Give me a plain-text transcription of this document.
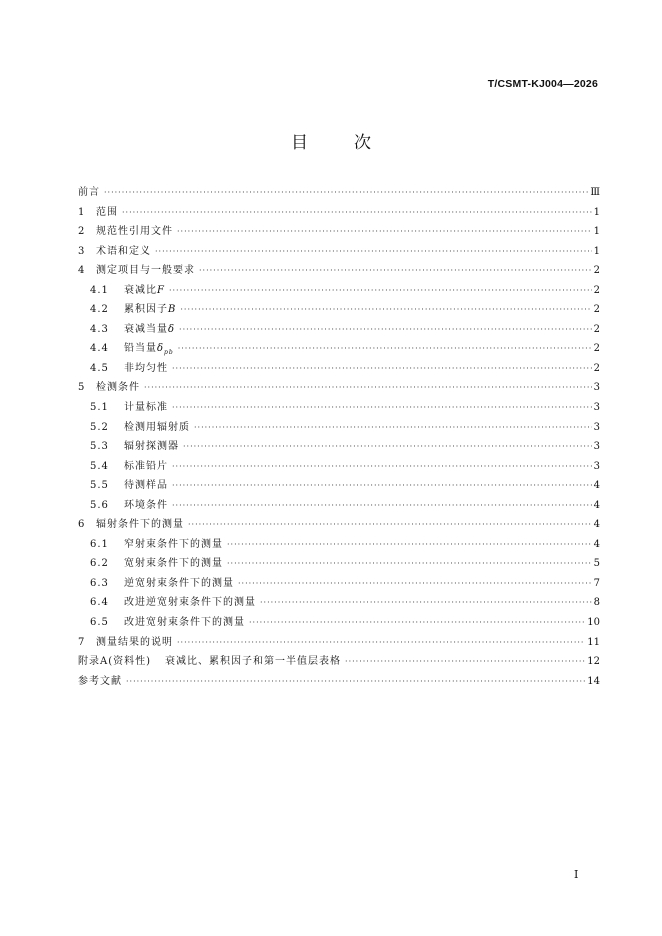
T/CSMT-KJ004—2026
目	次
前言 ·····	Ⅲ
1	范围 ·····	1
2	规范性引用文件 ·····	1
3	术语和定义 ·····	1
4	测定项目与一般要求 ·····	2
4.1	衰减比F ·····	2
4.2	累积因子B ·····	2
4.3	衰减当量δ ·····	2
4.4	铅当量$\delta_{pb}$ ·····	2
4.5	非均匀性 ·····	2
5	检测条件 ·····	3
5.1	计量标准 ·····	3
5.2	检测用辐射质 ·····	3
5.3	辐射探测器 ·····	3
5.4	标准铅片 ·····	3
5.5	待测样品 ·····	4
5.6	环境条件 ·····	4
6	辐射条件下的测量 ·····	4
6.1	窄射束条件下的测量 ·····	4
6.2	宽射束条件下的测量 ·····	5
6.3	逆宽射束条件下的测量 ·····	7
6.4	改进逆宽射束条件下的测量 ·····	8
6.5	改进宽射束条件下的测量 ·····	10
7	测量结果的说明 ·····	11
附录A(资料性) 衰减比、累积因子和第一半值层表格 ·····	12
参考文献 ·····	14
I
